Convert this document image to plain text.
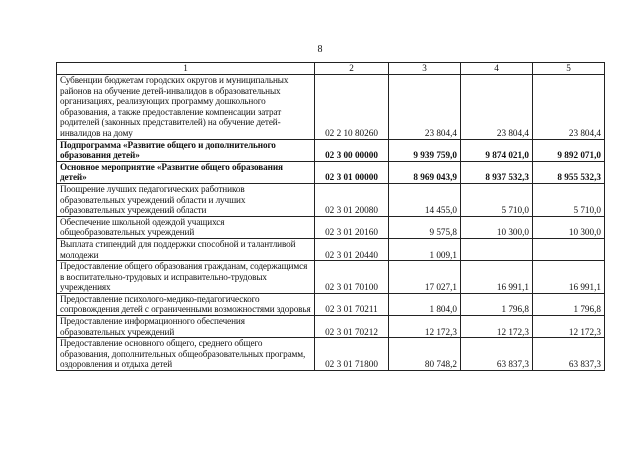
8
1	2	3	4	5
Субвенции бюджетам городских округов и муниципальных районов на обучение детей-инвалидов в образовательных организациях, реализующих программу дошкольного образования, а также предоставление компенсации затрат родителей (законных представителей) на обучение детей-инвалидов на дому	02 2 10 80260	23 804,4	23 804,4	23 804,4
Подпрограмма «Развитие общего и дополнительного образования детей»	02 3 00 00000	9 939 759,0	9 874 021,0	9 892 071,0
Основное мероприятие «Развитие общего образования детей»	02 3 01 00000	8 969 043,9	8 937 532,3	8 955 532,3
Поощрение лучших педагогических работников образовательных учреждений области и лучших образовательных учреждений области	02 3 01 20080	14 455,0	5 710,0	5 710,0
Обеспечение школьной одеждой учащихся общеобразовательных учреждений	02 3 01 20160	9 575,8	10 300,0	10 300,0
Выплата стипендий для поддержки способной и талантливой молодежи	02 3 01 20440	1 009,1		
Предоставление общего образования гражданам, содержащимся в воспитательно-трудовых и исправительно-трудовых учреждениях	02 3 01 70100	17 027,1	16 991,1	16 991,1
Предоставление психолого-медико-педагогического сопровождения детей с ограниченными возможностями здоровья	02 3 01 70211	1 804,0	1 796,8	1 796,8
Предоставление информационного обеспечения образовательных учреждений	02 3 01 70212	12 172,3	12 172,3	12 172,3
Предоставление основного общего, среднего общего образования, дополнительных общеобразовательных программ, оздоровления и отдыха детей	02 3 01 71800	80 748,2	63 837,3	63 837,3
